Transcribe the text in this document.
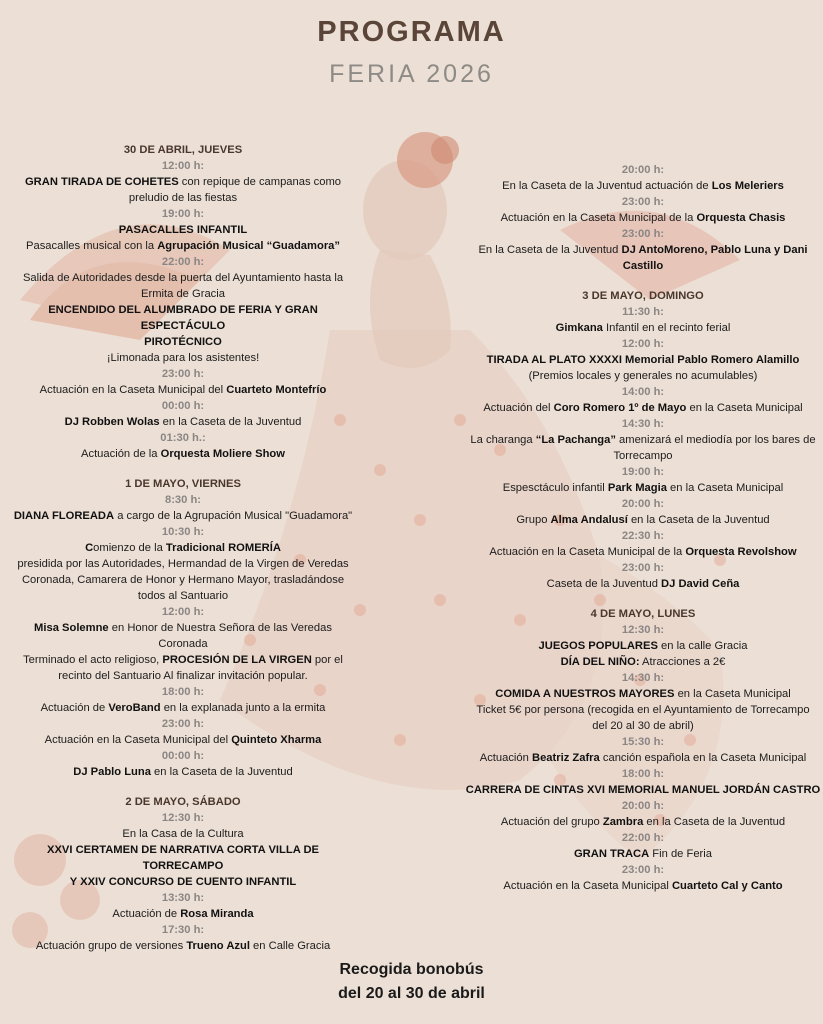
PROGRAMA
FERIA 2026
30 DE ABRIL, JUEVES
12:00 h:
GRAN TIRADA DE COHETES con repique de campanas como
preludio de las fiestas
19:00 h:
PASACALLES INFANTIL
Pasacalles musical con la Agrupación Musical “Guadamora”
22:00 h:
Salida de Autoridades desde la puerta del Ayuntamiento hasta la
Ermita de Gracia
ENCENDIDO DEL ALUMBRADO DE FERIA Y GRAN ESPECTÁCULO
PIROTÉCNICO
¡Limonada para los asistentes!
23:00 h:
Actuación en la Caseta Municipal del Cuarteto Montefrío
00:00 h:
DJ Robben Wolas en la Caseta de la Juventud
01:30 h.:
Actuación de la Orquesta Moliere Show
1 DE MAYO, VIERNES
8:30 h:
DIANA FLOREADA a cargo de la Agrupación Musical "Guadamora"
10:30 h:
Comienzo de la Tradicional ROMERÍA
presidida por las Autoridades, Hermandad de la Virgen de Veredas
Coronada, Camarera de Honor y Hermano Mayor, trasladándose
todos al Santuario
12:00 h:
Misa Solemne en Honor de Nuestra Señora de las Veredas
Coronada
Terminado el acto religioso, PROCESIÓN DE LA VIRGEN por el
recinto del Santuario Al finalizar invitación popular.
18:00 h:
Actuación de VeroBand en la explanada junto a la ermita
23:00 h:
Actuación en la Caseta Municipal del Quinteto Xharma
00:00 h:
DJ Pablo Luna en la Caseta de la Juventud
2 DE MAYO, SÁBADO
12:30 h:
En la Casa de la Cultura
XXVI CERTAMEN DE NARRATIVA CORTA VILLA DE TORRECAMPO
Y XXIV CONCURSO DE CUENTO INFANTIL
13:30 h:
Actuación de Rosa Miranda
17:30 h:
Actuación grupo de versiones Trueno Azul en Calle Gracia
20:00 h:
En la Caseta de la Juventud actuación de Los Meleriers
23:00 h:
Actuación en la Caseta Municipal de la Orquesta Chasis
23:00 h:
En la Caseta de la Juventud DJ AntoMoreno, Pablo Luna y Dani
Castillo
3 DE MAYO, DOMINGO
11:30 h:
Gimkana Infantil en el recinto ferial
12:00 h:
TIRADA AL PLATO XXXXI Memorial Pablo Romero Alamillo
(Premios locales y generales no acumulables)
14:00 h:
Actuación del Coro Romero 1º de Mayo en la Caseta Municipal
14:30 h:
La charanga “La Pachanga” amenizará el mediodía por los bares de
Torrecampo
19:00 h:
Espesctáculo infantil Park Magia en la Caseta Municipal
20:00 h:
Grupo Alma Andalusí en la Caseta de la Juventud
22:30 h:
Actuación en la Caseta Municipal de la Orquesta Revolshow
23:00 h:
Caseta de la Juventud DJ David Ceña
4 DE MAYO, LUNES
12:30 h:
JUEGOS POPULARES en la calle Gracia
DÍA DEL NIÑO: Atracciones a 2€
14:30 h:
COMIDA A NUESTROS MAYORES en la Caseta Municipal
Ticket 5€ por persona (recogida en el Ayuntamiento de Torrecampo
del 20 al 30 de abril)
15:30 h:
Actuación Beatriz Zafra canción española en la Caseta Municipal
18:00 h:
CARRERA DE CINTAS XVI MEMORIAL MANUEL JORDÁN CASTRO
20:00 h:
Actuación del grupo Zambra en la Caseta de la Juventud
22:00 h:
GRAN TRACA Fin de Feria
23:00 h:
Actuación en la Caseta Municipal Cuarteto Cal y Canto
Recogida bonobús
del 20 al 30 de abril
